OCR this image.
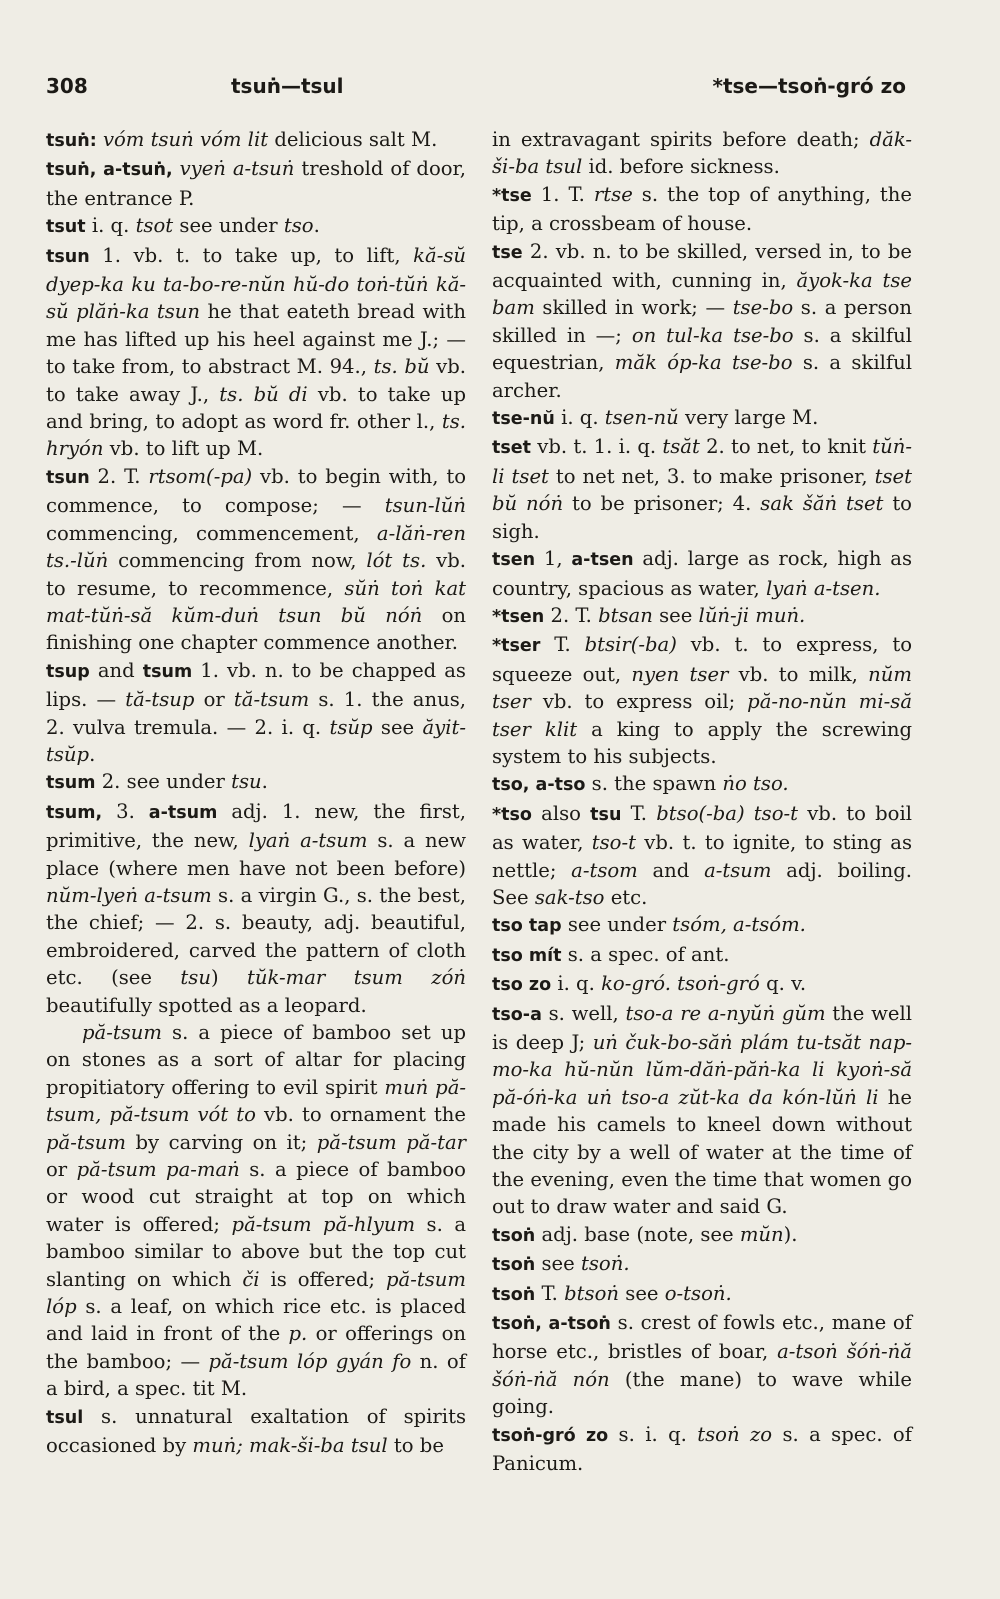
308	tsuṅ—tsul	*tse—tsoṅ-gró zo

tsuṅ: vóm tsuṅ vóm lit delicious salt M.

tsuṅ, a-tsuṅ, vyeṅ a-tsuṅ treshold of door, the entrance P.

tsut i. q. tsot see under tso.

tsun 1. vb. t. to take up, to lift, kă-sŭ dyep-ka ku ta-bo-re-nŭn hŭ-do toṅ-tŭṅ kă-sŭ plăṅ-ka tsun he that eateth bread with me has lifted up his heel against me J.; — to take from, to abstract M. 94., ts. bŭ vb. to take away J., ts. bŭ di vb. to take up and bring, to adopt as word fr. other l., ts. hryón vb. to lift up M.

tsun 2. T. rtsom(-pa) vb. to begin with, to commence, to compose; — tsun-lŭṅ commencing, commencement, a-lăṅ-ren ts.-lŭṅ commencing from now, lót ts. vb. to resume, to recommence, sŭṅ toṅ kat mat-tŭṅ-să kŭm-duṅ tsun bŭ nóṅ on finishing one chapter commence another.

tsup and tsum 1. vb. n. to be chapped as lips. — tă-tsup or tă-tsum s. 1. the anus, 2. vulva tremula. — 2. i. q. tsŭp see ăyit-tsŭp.

tsum 2. see under tsu.

tsum, 3. a-tsum adj. 1. new, the first, primitive, the new, lyaṅ a-tsum s. a new place (where men have not been before) nŭm-lyeṅ a-tsum s. a virgin G., s. the best, the chief; — 2. s. beauty, adj. beautiful, embroidered, carved the pattern of cloth etc. (see tsu) tŭk-mar tsum zóṅ beautifully spotted as a leopard.

pă-tsum s. a piece of bamboo set up on stones as a sort of altar for placing propitiatory offering to evil spirit muṅ pă-tsum, pă-tsum vót to vb. to ornament the pă-tsum by carving on it; pă-tsum pă-tar or pă-tsum pa-maṅ s. a piece of bamboo or wood cut straight at top on which water is offered; pă-tsum pă-hlyum s. a bamboo similar to above but the top cut slanting on which či is offered; pă-tsum lóp s. a leaf, on which rice etc. is placed and laid in front of the p. or offerings on the bamboo; — pă-tsum lóp gyán fo n. of a bird, a spec. tit M.

tsul s. unnatural exaltation of spirits occasioned by muṅ; mak-ši-ba tsul to be

in extravagant spirits before death; dăk-ši-ba tsul id. before sickness.

*tse 1. T. rtse s. the top of anything, the tip, a crossbeam of house.

tse 2. vb. n. to be skilled, versed in, to be acquainted with, cunning in, ăyok-ka tse bam skilled in work; — tse-bo s. a person skilled in —; on tul-ka tse-bo s. a skilful equestrian, măk óp-ka tse-bo s. a skilful archer.

tse-nŭ i. q. tsen-nŭ very large M.

tset vb. t. 1. i. q. tsăt 2. to net, to knit tŭṅ-li tset to net net, 3. to make prisoner, tset bŭ nóṅ to be prisoner; 4. sak šăṅ tset to sigh.

tsen 1, a-tsen adj. large as rock, high as country, spacious as water, lyaṅ a-tsen.

*tsen 2. T. btsan see lŭṅ-ji muṅ.

*tser T. btsir(-ba) vb. t. to express, to squeeze out, nyen tser vb. to milk, nŭm tser vb. to express oil; pă-no-nŭn mi-să tser klit a king to apply the screwing system to his subjects.

tso, a-tso s. the spawn ṅo tso.

*tso also tsu T. btso(-ba) tso-t vb. to boil as water, tso-t vb. t. to ignite, to sting as nettle; a-tsom and a-tsum adj. boiling. See sak-tso etc.

tso tap see under tsóm, a-tsóm.

tso mít s. a spec. of ant.

tso zo i. q. ko-gró. tsoṅ-gró q. v.

tso-a s. well, tso-a re a-nyŭṅ gŭm the well is deep J; uṅ čuk-bo-săṅ plám tu-tsăt nap-mo-ka hŭ-nŭn lŭm-dăṅ-păṅ-ka li kyoṅ-să pă-óṅ-ka uṅ tso-a zŭt-ka da kón-lŭṅ li he made his camels to kneel down without the city by a well of water at the time of the evening, even the time that women go out to draw water and said G.

tsoṅ adj. base (note, see mŭn).

tsoṅ see tsoṅ.

tsoṅ T. btsoṅ see o-tsoṅ.

tsoṅ, a-tsoṅ s. crest of fowls etc., mane of horse etc., bristles of boar, a-tsoṅ šóṅ-ṅă šóṅ-ṅă nón (the mane) to wave while going.

tsoṅ-gró zo s. i. q. tsoṅ zo s. a spec. of Panicum.
